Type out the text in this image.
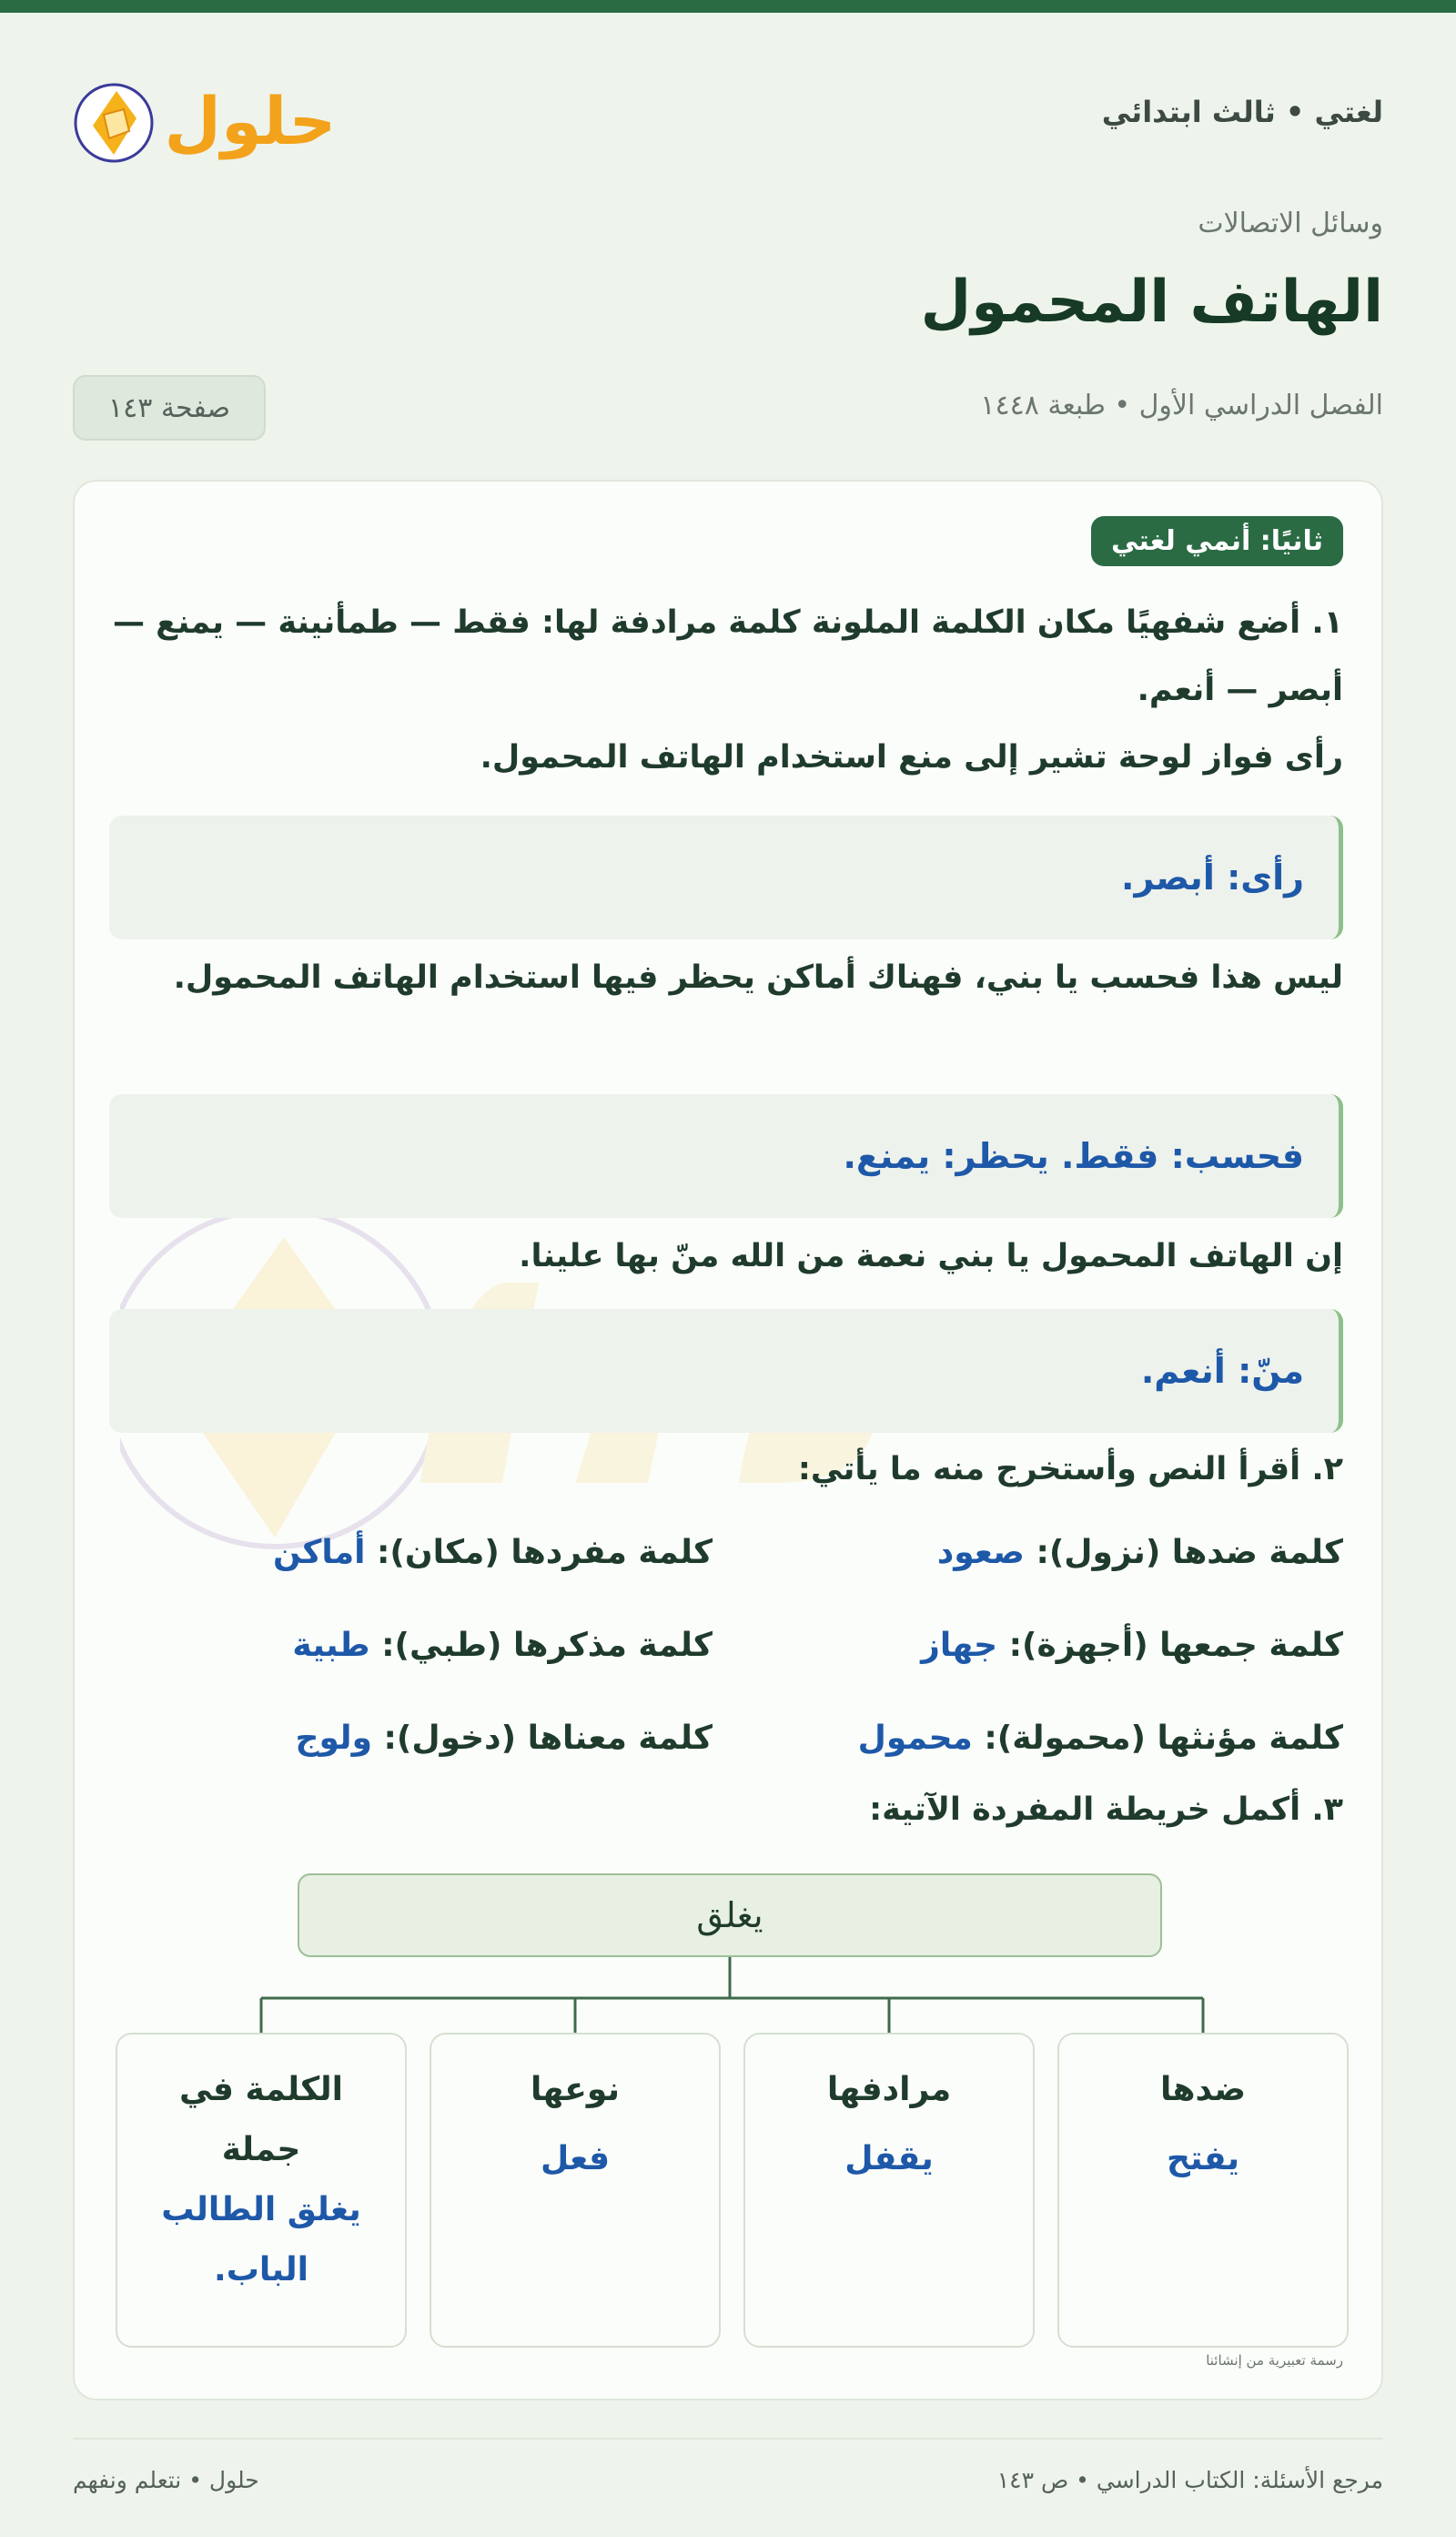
لغتي • ثالث ابتدائي
حلول
وسائل الاتصالات
الهاتف المحمول
الفصل الدراسي الأول • طبعة ١٤٤٨
صفحة ١٤٣
ثانيًا: أنمي لغتي
١. أضع شفهيًا مكان الكلمة الملونة كلمة مرادفة لها: فقط — طمأنينة — يمنع — أبصر — أنعم.
رأى فواز لوحة تشير إلى منع استخدام الهاتف المحمول.
رأى: أبصر.
ليس هذا فحسب يا بني، فهناك أماكن يحظر فيها استخدام الهاتف المحمول.
فحسب: فقط. يحظر: يمنع.
إن الهاتف المحمول يا بني نعمة من الله منّ بها علينا.
منّ: أنعم.
٢. أقرأ النص وأستخرج منه ما يأتي:
كلمة ضدها (نزول): صعود
كلمة مفردها (مكان): أماكن
كلمة جمعها (أجهزة): جهاز
كلمة مذكرها (طبي): طبية
كلمة مؤنثها (محمولة): محمول
كلمة معناها (دخول): ولوج
٣. أكمل خريطة المفردة الآتية:
يغلق
ضدها
يفتح
مرادفها
يقفل
نوعها
فعل
الكلمة في جملة
يغلق الطالب الباب.
رسمة تعبيرية من إنشائنا
مرجع الأسئلة: الكتاب الدراسي • ص ١٤٣
حلول • نتعلم ونفهم
